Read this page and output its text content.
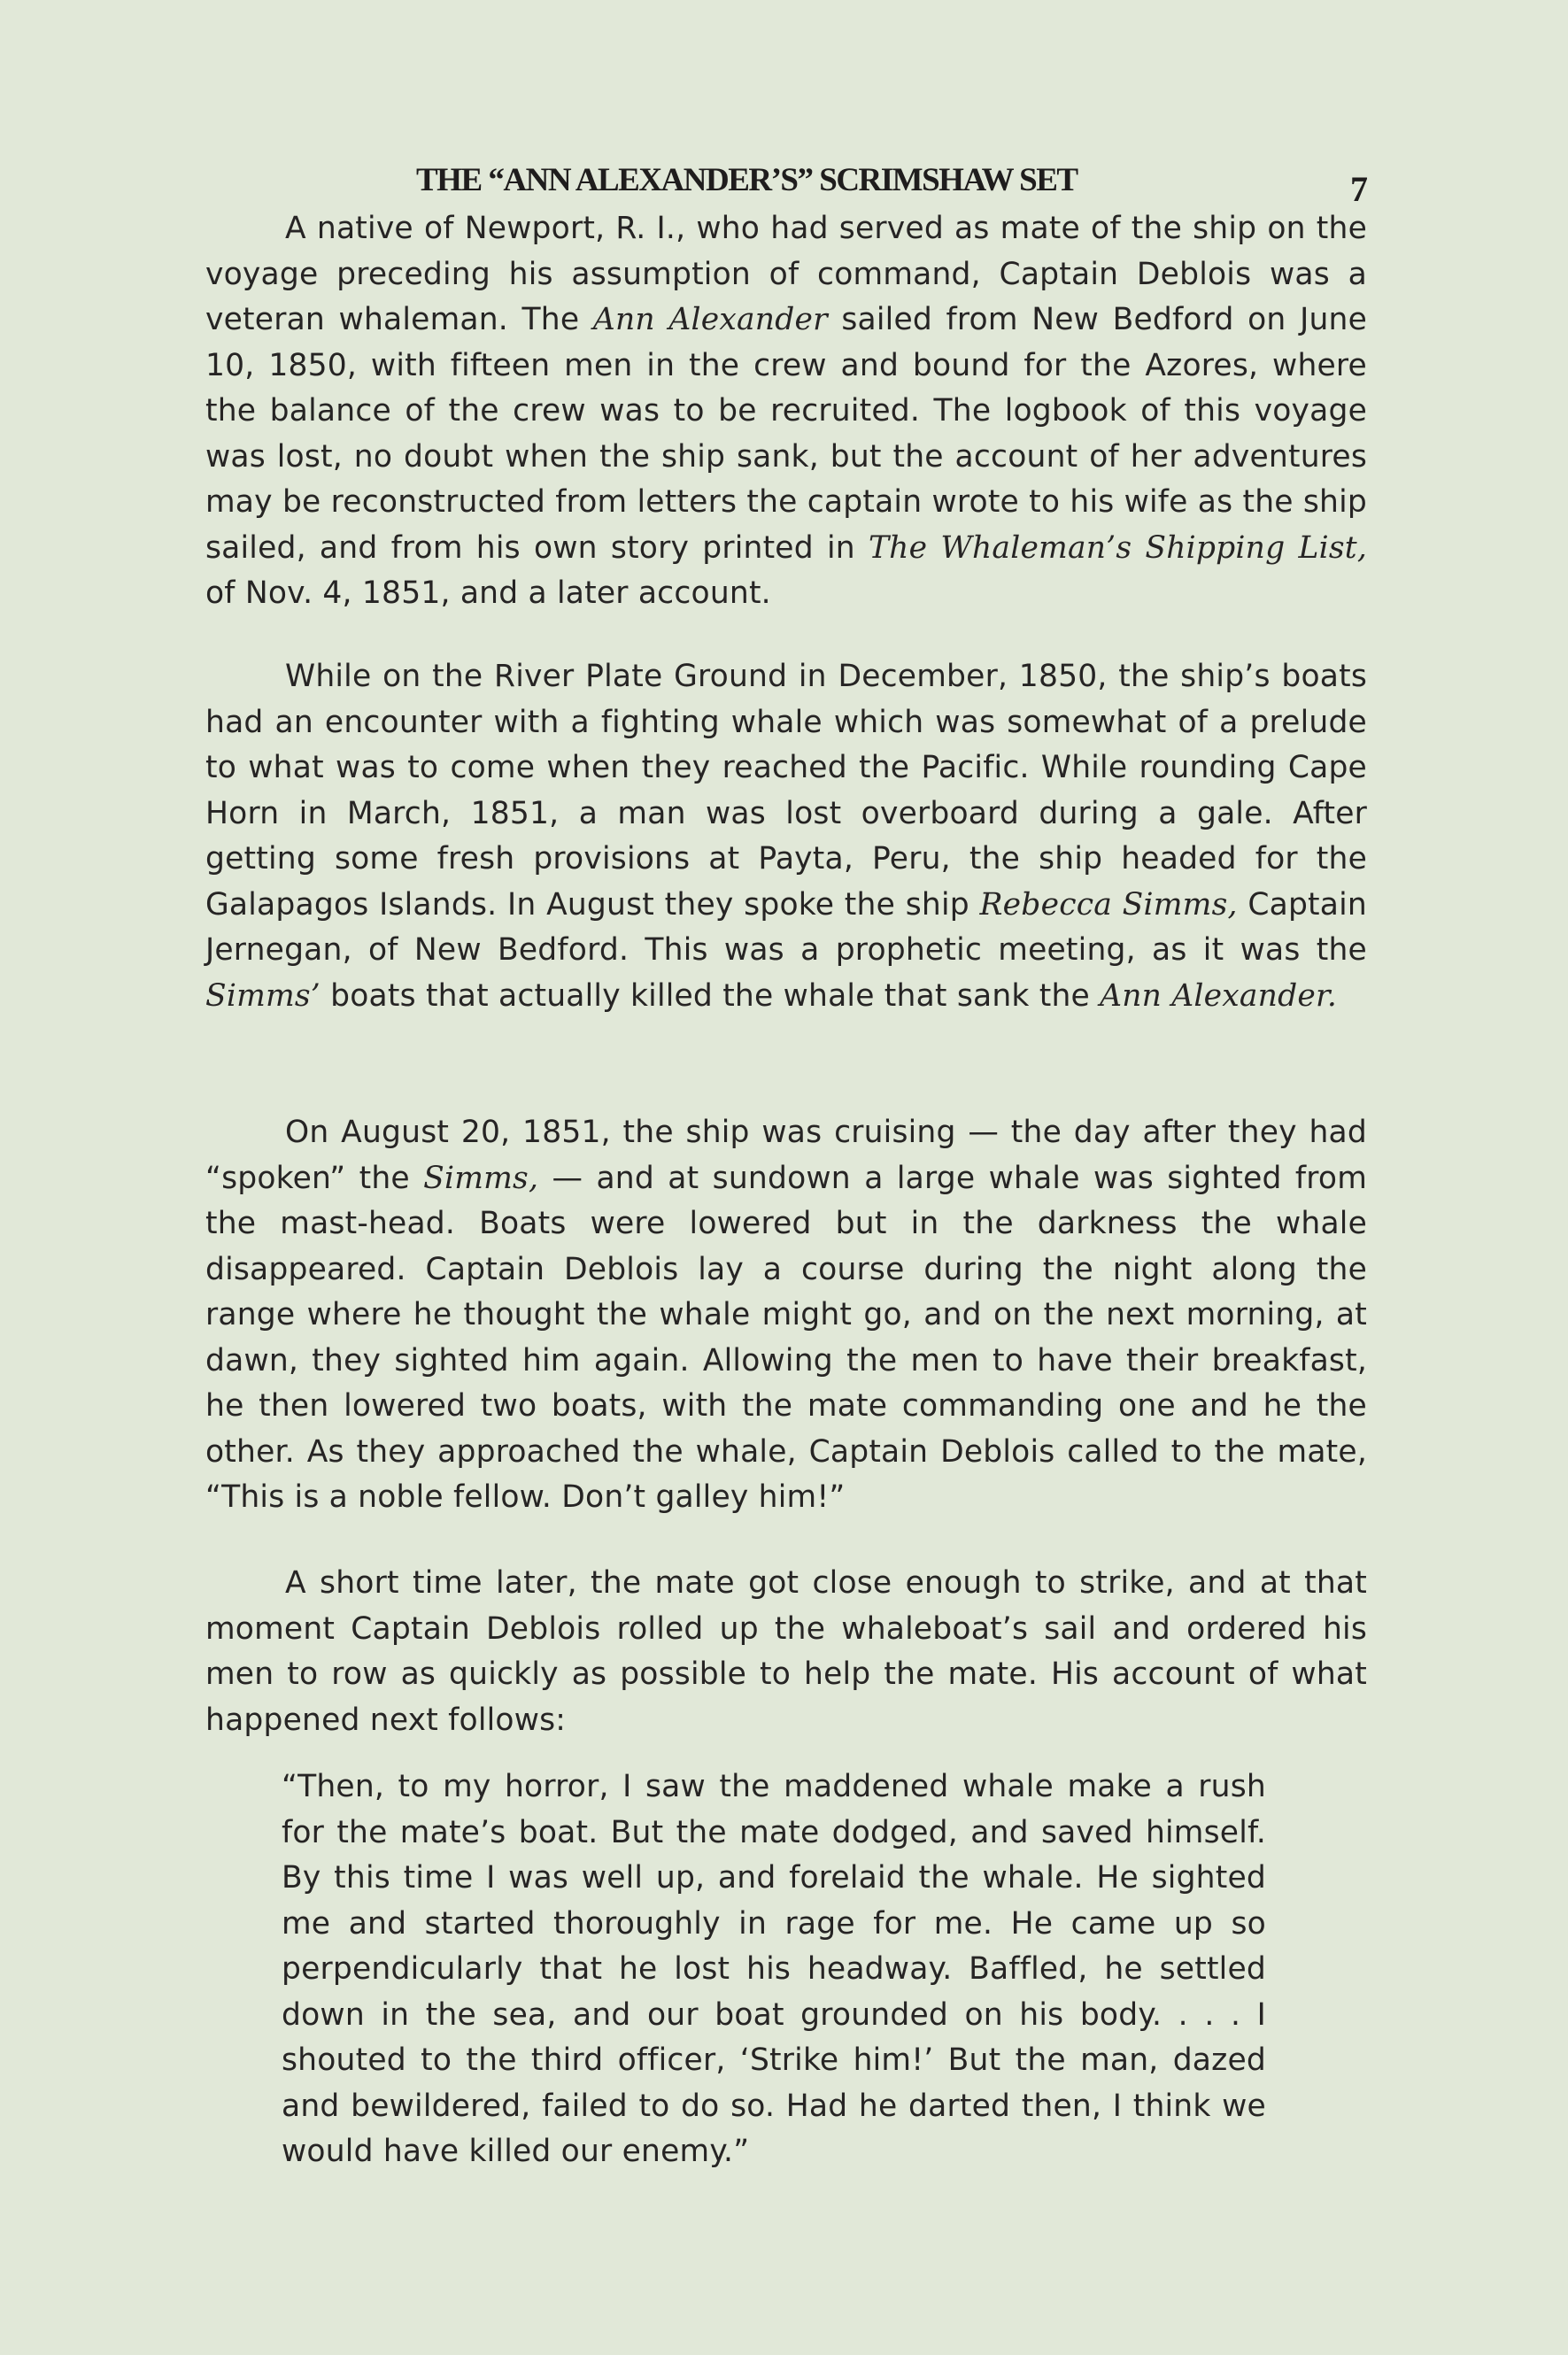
THE “ANN ALEXANDER’S” SCRIMSHAW SET	7

A native of Newport, R. I., who had served as mate of the ship on the voyage preceding his assumption of command, Captain Deblois was a veteran whaleman. The Ann Alexander sailed from New Bedford on June 10, 1850, with fifteen men in the crew and bound for the Azores, where the balance of the crew was to be recruited. The logbook of this voyage was lost, no doubt when the ship sank, but the account of her adventures may be reconstructed from letters the captain wrote to his wife as the ship sailed, and from his own story printed in The Whaleman’s Shipping List, of Nov. 4, 1851, and a later account.

While on the River Plate Ground in December, 1850, the ship’s boats had an encounter with a fighting whale which was somewhat of a prelude to what was to come when they reached the Pacific. While rounding Cape Horn in March, 1851, a man was lost overboard during a gale. After getting some fresh provisions at Payta, Peru, the ship headed for the Galapagos Islands. In August they spoke the ship Rebecca Simms, Captain Jernegan, of New Bedford. This was a prophetic meeting, as it was the Simms’ boats that actually killed the whale that sank the Ann Alexander.

On August 20, 1851, the ship was cruising — the day after they had “spoken” the Simms, — and at sundown a large whale was sighted from the mast-head. Boats were lowered but in the darkness the whale disappeared. Captain Deblois lay a course during the night along the range where he thought the whale might go, and on the next morning, at dawn, they sighted him again. Allowing the men to have their breakfast, he then lowered two boats, with the mate commanding one and he the other. As they approached the whale, Captain Deblois called to the mate, “This is a noble fellow. Don’t galley him!”

A short time later, the mate got close enough to strike, and at that moment Captain Deblois rolled up the whaleboat’s sail and ordered his men to row as quickly as possible to help the mate. His account of what happened next follows:

“Then, to my horror, I saw the maddened whale make a rush for the mate’s boat. But the mate dodged, and saved himself. By this time I was well up, and forelaid the whale. He sighted me and started thoroughly in rage for me. He came up so perpendicularly that he lost his headway. Baffled, he settled down in the sea, and our boat grounded on his body. . . . I shouted to the third officer, ‘Strike him!’ But the man, dazed and bewildered, failed to do so. Had he darted then, I think we would have killed our enemy.”
